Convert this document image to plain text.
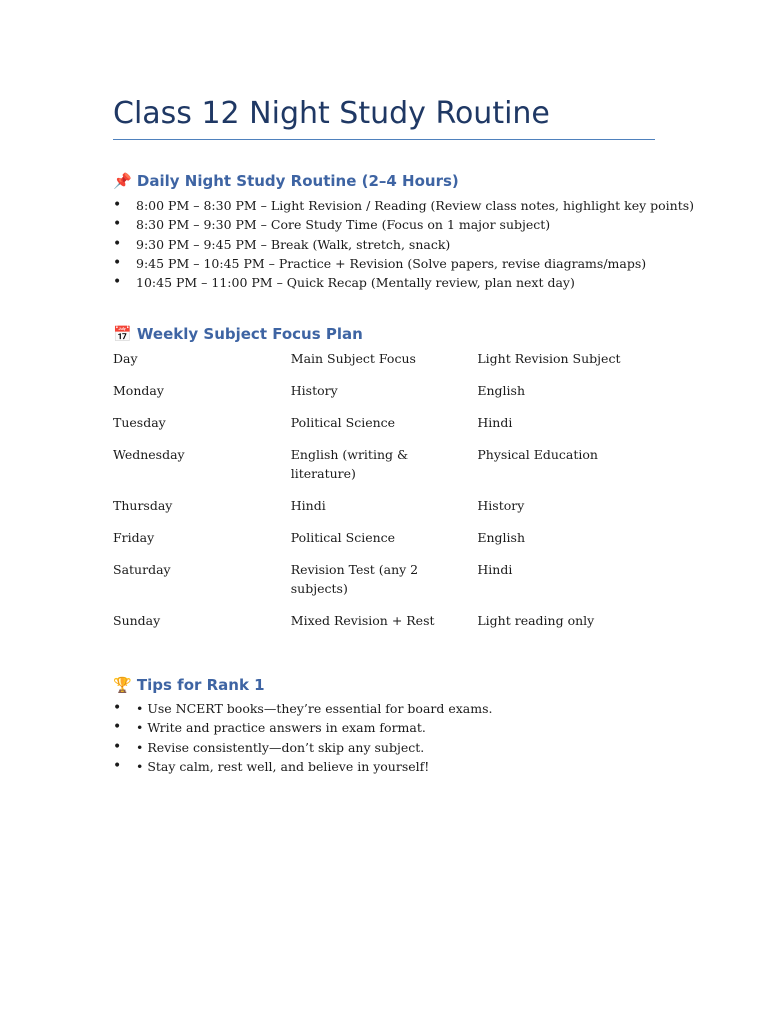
Class 12 Night Study Routine
📌 Daily Night Study Routine (2–4 Hours)
• 8:00 PM – 8:30 PM – Light Revision / Reading (Review class notes, highlight key points)
• 8:30 PM – 9:30 PM – Core Study Time (Focus on 1 major subject)
• 9:30 PM – 9:45 PM – Break (Walk, stretch, snack)
• 9:45 PM – 10:45 PM – Practice + Revision (Solve papers, revise diagrams/maps)
• 10:45 PM – 11:00 PM – Quick Recap (Mentally review, plan next day)
📅 Weekly Subject Focus Plan
Day	Main Subject Focus	Light Revision Subject
Monday	History	English
Tuesday	Political Science	Hindi
Wednesday	English (writing & literature)	Physical Education
Thursday	Hindi	History
Friday	Political Science	English
Saturday	Revision Test (any 2 subjects)	Hindi
Sunday	Mixed Revision + Rest	Light reading only
🏆 Tips for Rank 1
• • Use NCERT books—they’re essential for board exams.
• • Write and practice answers in exam format.
• • Revise consistently—don’t skip any subject.
• • Stay calm, rest well, and believe in yourself!
